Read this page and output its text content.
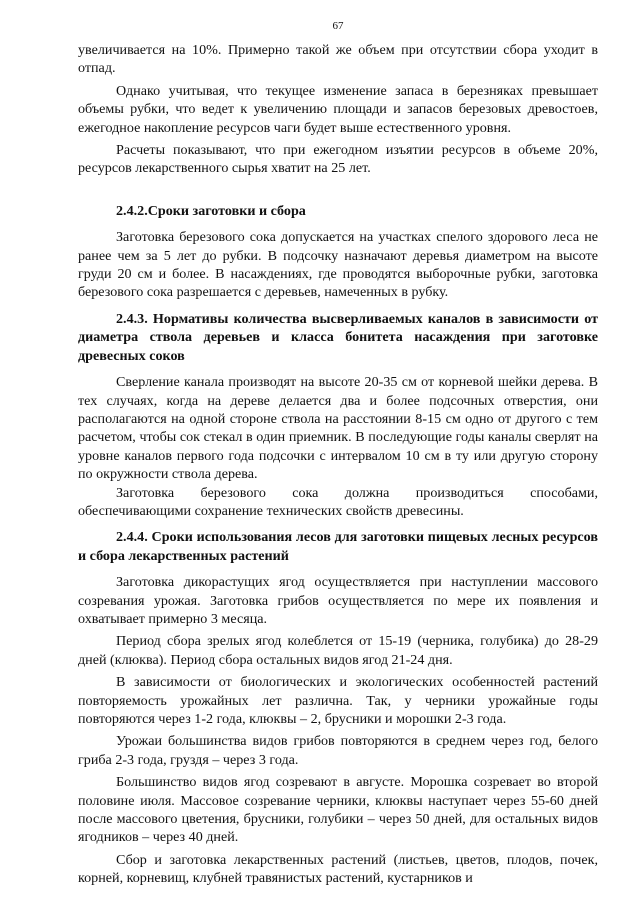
67

увеличивается на 10%. Примерно такой же объем при отсутствии сбора уходит в отпад.

Однако учитывая, что текущее изменение запаса в березняках превышает объемы рубки, что ведет к увеличению площади и запасов березовых древостоев, ежегодное накопление ресурсов чаги будет выше естественного уровня.

Расчеты показывают, что при ежегодном изъятии ресурсов в объеме 20%, ресурсов лекарственного сырья хватит на 25 лет.

2.4.2.Сроки заготовки и сбора

Заготовка березового сока допускается на участках спелого здорового леса не ранее чем за 5 лет до рубки. В подсочку назначают деревья диаметром на высоте груди 20 см и более. В насаждениях, где проводятся выборочные рубки, заготовка березового сока разрешается с деревьев, намеченных в рубку.

2.4.3. Нормативы количества высверливаемых каналов в зависимости от диаметра ствола деревьев и класса бонитета насаждения при заготовке древесных соков

Сверление канала производят на высоте 20-35 см от корневой шейки дерева. В тех случаях, когда на дереве делается два и более подсочных отверстия, они располагаются на одной стороне ствола на расстоянии 8-15 см одно от другого с тем расчетом, чтобы сок стекал в один приемник. В последующие годы каналы сверлят на уровне каналов первого года подсочки с интервалом 10 см в ту или другую сторону по окружности ствола дерева.

Заготовка березового сока должна производиться способами, обеспечивающими сохранение технических свойств древесины.

2.4.4. Сроки использования лесов для заготовки пищевых лесных ресурсов и сбора лекарственных растений

Заготовка дикорастущих ягод осуществляется при наступлении массового созревания урожая. Заготовка грибов осуществляется по мере их появления и охватывает примерно 3 месяца.

Период сбора зрелых ягод колеблется от 15-19 (черника, голубика) до 28-29 дней (клюква). Период сбора остальных видов ягод 21-24 дня.

В зависимости от биологических и экологических особенностей растений повторяемость урожайных лет различна. Так, у черники урожайные годы повторяются через 1-2 года, клюквы – 2, брусники и морошки 2-3 года.

Урожаи большинства видов грибов повторяются в среднем через год, белого гриба 2-3 года, груздя – через 3 года.

Большинство видов ягод созревают в августе. Морошка созревает во второй половине июля. Массовое созревание черники, клюквы наступает через 55-60 дней после массового цветения, брусники, голубики – через 50 дней, для остальных видов ягодников – через 40 дней.

Сбор и заготовка лекарственных растений (листьев, цветов, плодов, почек, корней, корневищ, клубней травянистых растений, кустарников и
